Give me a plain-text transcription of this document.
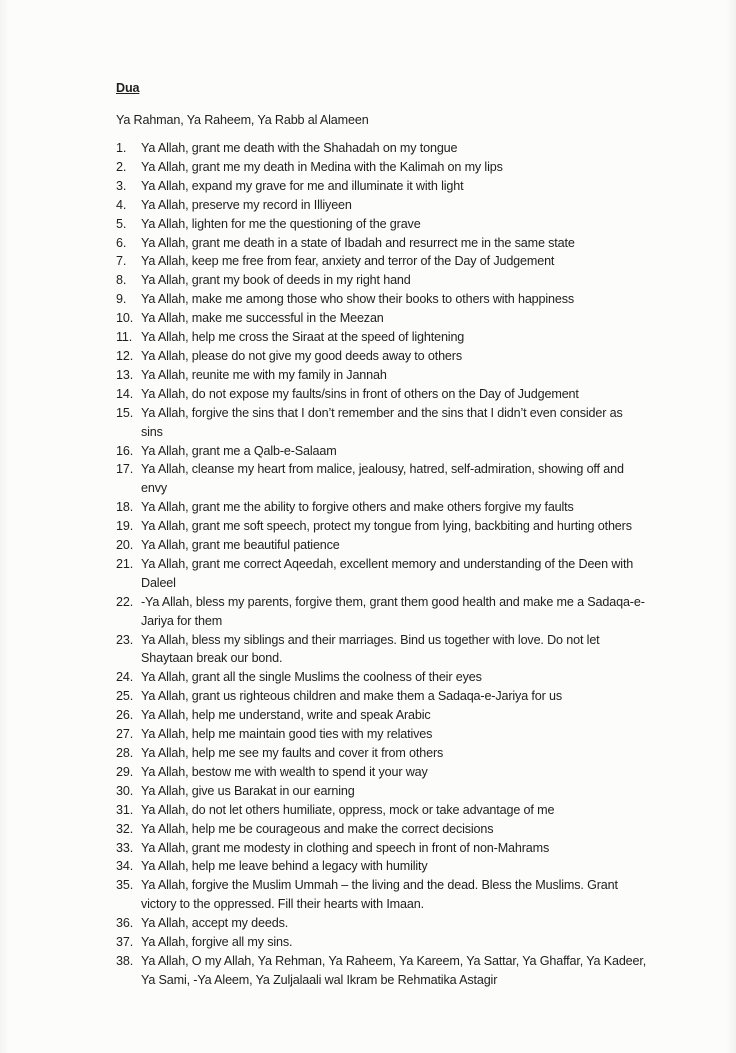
Dua
Ya Rahman, Ya Raheem, Ya Rabb al Alameen
1.	Ya Allah, grant me death with the Shahadah on my tongue
2.	Ya Allah, grant me my death in Medina with the Kalimah on my lips
3.	Ya Allah, expand my grave for me and illuminate it with light
4.	Ya Allah, preserve my record in Illiyeen
5.	Ya Allah, lighten for me the questioning of the grave
6.	Ya Allah, grant me death in a state of Ibadah and resurrect me in the same state
7.	Ya Allah, keep me free from fear, anxiety and terror of the Day of Judgement
8.	Ya Allah, grant my book of deeds in my right hand
9.	Ya Allah, make me among those who show their books to others with happiness
10. Ya Allah, make me successful in the Meezan
11. Ya Allah, help me cross the Siraat at the speed of lightening
12. Ya Allah, please do not give my good deeds away to others
13. Ya Allah, reunite me with my family in Jannah
14. Ya Allah, do not expose my faults/sins in front of others on the Day of Judgement
15. Ya Allah, forgive the sins that I don’t remember and the sins that I didn’t even consider as
sins
16. Ya Allah, grant me a Qalb-e-Salaam
17. Ya Allah, cleanse my heart from malice, jealousy, hatred, self-admiration, showing off and
envy
18. Ya Allah, grant me the ability to forgive others and make others forgive my faults
19. Ya Allah, grant me soft speech, protect my tongue from lying, backbiting and hurting others
20. Ya Allah, grant me beautiful patience
21. Ya Allah, grant me correct Aqeedah, excellent memory and understanding of the Deen with
Daleel
22. -Ya Allah, bless my parents, forgive them, grant them good health and make me a Sadaqa-e-
Jariya for them
23. Ya Allah, bless my siblings and their marriages. Bind us together with love. Do not let
Shaytaan break our bond.
24. Ya Allah, grant all the single Muslims the coolness of their eyes
25. Ya Allah, grant us righteous children and make them a Sadaqa-e-Jariya for us
26. Ya Allah, help me understand, write and speak Arabic
27. Ya Allah, help me maintain good ties with my relatives
28. Ya Allah, help me see my faults and cover it from others
29. Ya Allah, bestow me with wealth to spend it your way
30. Ya Allah, give us Barakat in our earning
31. Ya Allah, do not let others humiliate, oppress, mock or take advantage of me
32. Ya Allah, help me be courageous and make the correct decisions
33. Ya Allah, grant me modesty in clothing and speech in front of non-Mahrams
34. Ya Allah, help me leave behind a legacy with humility
35. Ya Allah, forgive the Muslim Ummah – the living and the dead. Bless the Muslims. Grant
victory to the oppressed. Fill their hearts with Imaan.
36. Ya Allah, accept my deeds.
37. Ya Allah, forgive all my sins.
38. Ya Allah, O my Allah, Ya Rehman, Ya Raheem, Ya Kareem, Ya Sattar, Ya Ghaffar, Ya Kadeer,
Ya Sami, -Ya Aleem, Ya Zuljalaali wal Ikram be Rehmatika Astagir
